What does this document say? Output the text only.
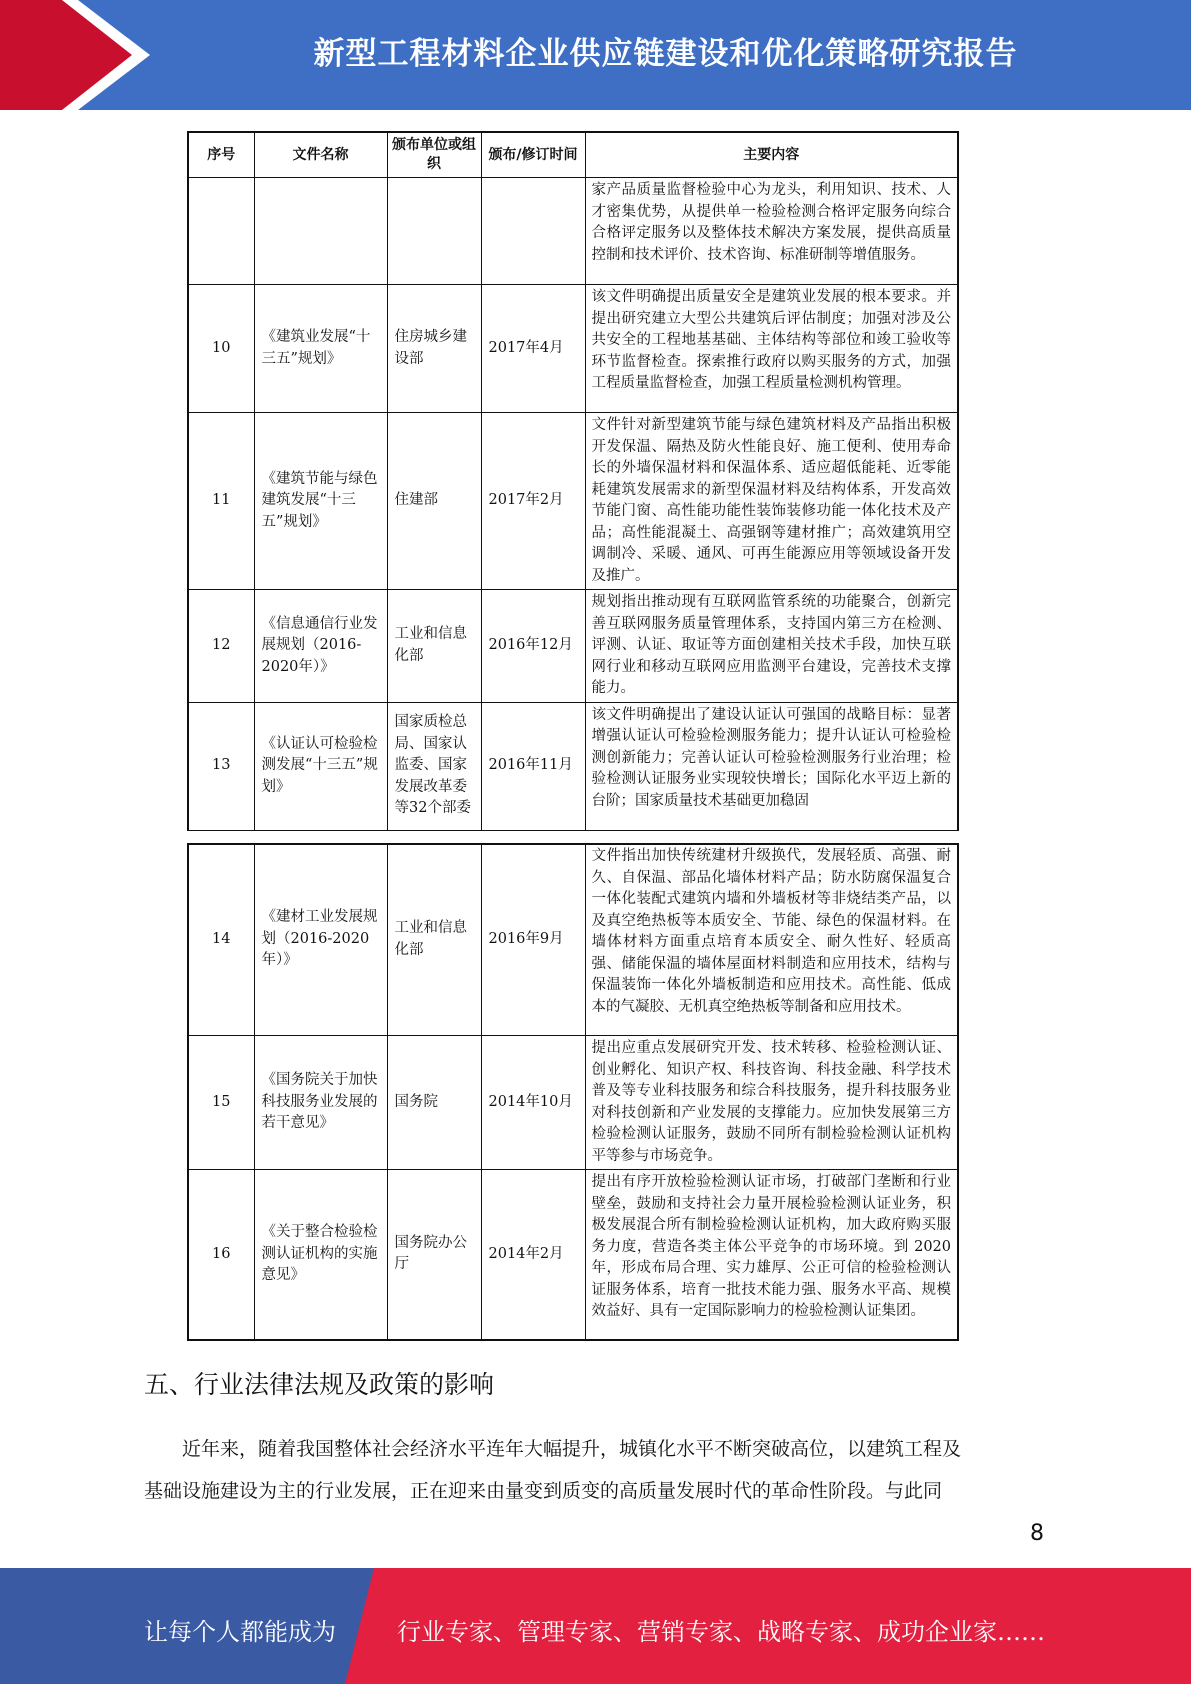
新型工程材料企业供应链建设和优化策略研究报告
序号	文件名称	颁布单位或组织	颁布/修订时间	主要内容
				家产品质量监督检验中心为龙头，利用知识、技术、人才密集优势，从提供单一检验检测合格评定服务向综合合格评定服务以及整体技术解决方案发展，提供高质量控制和技术评价、技术咨询、标准研制等增值服务。
10	《建筑业发展“十三五”规划》	住房城乡建设部	2017年4月	该文件明确提出质量安全是建筑业发展的根本要求。并提出研究建立大型公共建筑后评估制度；加强对涉及公共安全的工程地基基础、主体结构等部位和竣工验收等环节监督检查。探索推行政府以购买服务的方式，加强工程质量监督检查，加强工程质量检测机构管理。
11	《建筑节能与绿色建筑发展“十三五”规划》	住建部	2017年2月	文件针对新型建筑节能与绿色建筑材料及产品指出积极开发保温、隔热及防火性能良好、施工便利、使用寿命长的外墙保温材料和保温体系、适应超低能耗、近零能耗建筑发展需求的新型保温材料及结构体系，开发高效节能门窗、高性能功能性装饰装修功能一体化技术及产品；高性能混凝土、高强钢等建材推广；高效建筑用空调制冷、采暖、通风、可再生能源应用等领域设备开发及推广。
12	《信息通信行业发展规划（2016-2020年）》	工业和信息化部	2016年12月	规划指出推动现有互联网监管系统的功能聚合，创新完善互联网服务质量管理体系，支持国内第三方在检测、评测、认证、取证等方面创建相关技术手段，加快互联网行业和移动互联网应用监测平台建设，完善技术支撑能力。
13	《认证认可检验检测发展“十三五”规划》	国家质检总局、国家认监委、国家发展改革委等32个部委	2016年11月	该文件明确提出了建设认证认可强国的战略目标：显著增强认证认可检验检测服务能力；提升认证认可检验检测创新能力；完善认证认可检验检测服务行业治理；检验检测认证服务业实现较快增长；国际化水平迈上新的台阶；国家质量技术基础更加稳固
14	《建材工业发展规划（2016-2020年）》	工业和信息化部	2016年9月	文件指出加快传统建材升级换代，发展轻质、高强、耐久、自保温、部品化墙体材料产品；防水防腐保温复合一体化装配式建筑内墙和外墙板材等非烧结类产品，以及真空绝热板等本质安全、节能、绿色的保温材料。在墙体材料方面重点培育本质安全、耐久性好、轻质高强、储能保温的墙体屋面材料制造和应用技术，结构与保温装饰一体化外墙板制造和应用技术。高性能、低成本的气凝胶、无机真空绝热板等制备和应用技术。
15	《国务院关于加快科技服务业发展的若干意见》	国务院	2014年10月	提出应重点发展研究开发、技术转移、检验检测认证、创业孵化、知识产权、科技咨询、科技金融、科学技术普及等专业科技服务和综合科技服务，提升科技服务业对科技创新和产业发展的支撑能力。应加快发展第三方检验检测认证服务，鼓励不同所有制检验检测认证机构平等参与市场竞争。
16	《关于整合检验检测认证机构的实施意见》	国务院办公厅	2014年2月	提出有序开放检验检测认证市场，打破部门垄断和行业壁垒，鼓励和支持社会力量开展检验检测认证业务，积极发展混合所有制检验检测认证机构，加大政府购买服务力度，营造各类主体公平竞争的市场环境。到 2020 年，形成布局合理、实力雄厚、公正可信的检验检测认证服务体系，培育一批技术能力强、服务水平高、规模效益好、具有一定国际影响力的检验检测认证集团。
五、行业法律法规及政策的影响
近年来，随着我国整体社会经济水平连年大幅提升，城镇化水平不断突破高位，以建筑工程及
基础设施建设为主的行业发展，正在迎来由量变到质变的高质量发展时代的革命性阶段。与此同
8
让每个人都能成为	行业专家、管理专家、营销专家、战略专家、成功企业家……
